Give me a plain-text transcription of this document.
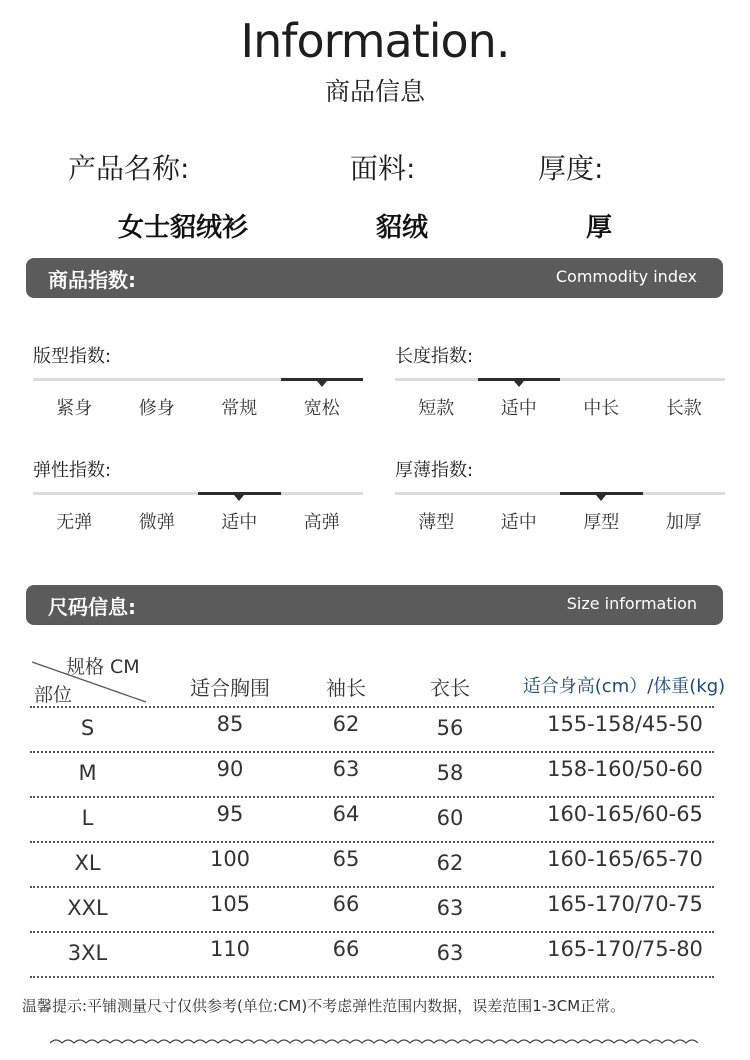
Information.
商品信息
产品名称:	面料:	厚度:
女士貂绒衫	貂绒	厚
商品指数:	Commodity index
版型指数:
紧身	修身	常规	宽松
长度指数:
短款	适中	中长	长款
弹性指数:
无弹	微弹	适中	高弹
厚薄指数:
薄型	适中	厚型	加厚
尺码信息:	Size information
规格 CM
部位	适合胸围	袖长	衣长	适合身高(cm）/体重(kg)
S	85	62	56	155-158/45-50
M	90	63	58	158-160/50-60
L	95	64	60	160-165/60-65
XL	100	65	62	160-165/65-70
XXL	105	66	63	165-170/70-75
3XL	110	66	63	165-170/75-80
温馨提示:平铺测量尺寸仅供参考(单位:CM)不考虑弹性范围内数据，误差范围1-3CM正常。
